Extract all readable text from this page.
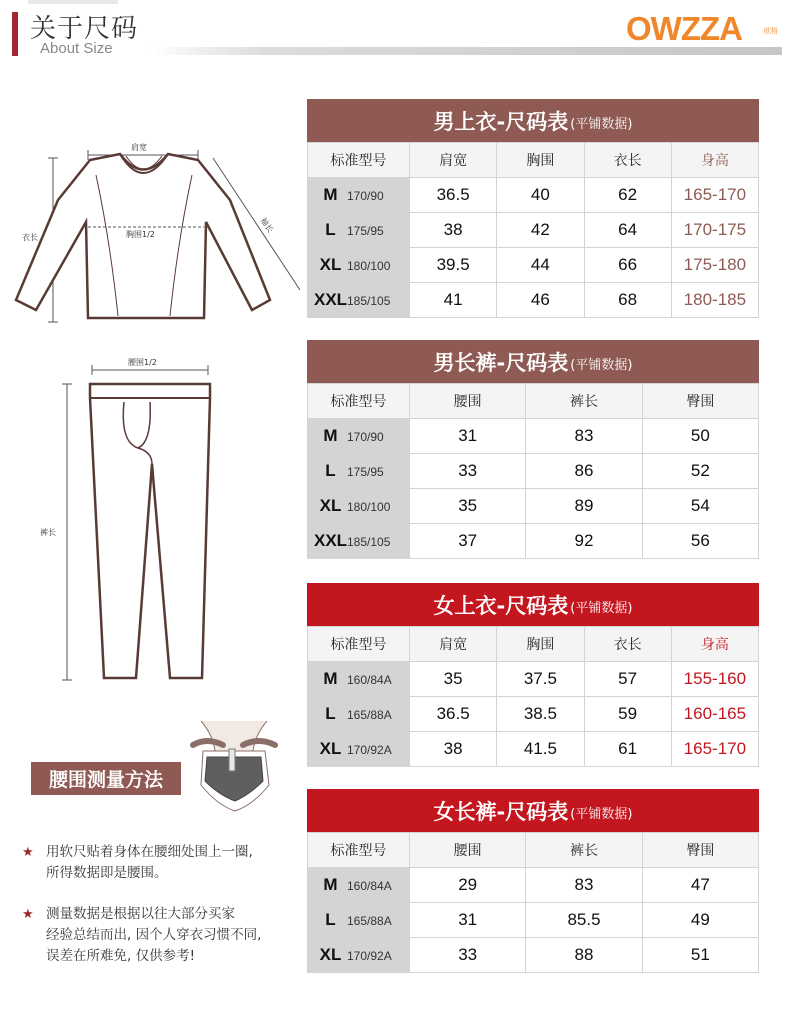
关于尺码
About Size
OWZZA	欧格
肩宽
衣长
袖长
胸围1/2
腰围1/2
裤长
腰围测量方法
★ 用软尺贴着身体在腰细处围上一圈,
所得数据即是腰围。
★ 测量数据是根据以往大部分买家
经验总结而出, 因个人穿衣习惯不同,
误差在所难免, 仅供参考!
男上衣-尺码表 (平铺数据)
标准型号	肩宽	胸围	衣长	身高
M 170/90	36.5	40	62	165-170
L 175/95	38	42	64	170-175
XL 180/100	39.5	44	66	175-180
XXL185/105	41	46	68	180-185
男长裤-尺码表 (平铺数据)
标准型号	腰围	裤长	臀围
M 170/90	31	83	50
L 175/95	33	86	52
XL 180/100	35	89	54
XXL185/105	37	92	56
女上衣-尺码表 (平铺数据)
标准型号	肩宽	胸围	衣长	身高
M 160/84A	35	37.5	57	155-160
L 165/88A	36.5	38.5	59	160-165
XL 170/92A	38	41.5	61	165-170
女长裤-尺码表 (平铺数据)
标准型号	腰围	裤长	臀围
M 160/84A	29	83	47
L 165/88A	31	85.5	49
XL 170/92A	33	88	51
